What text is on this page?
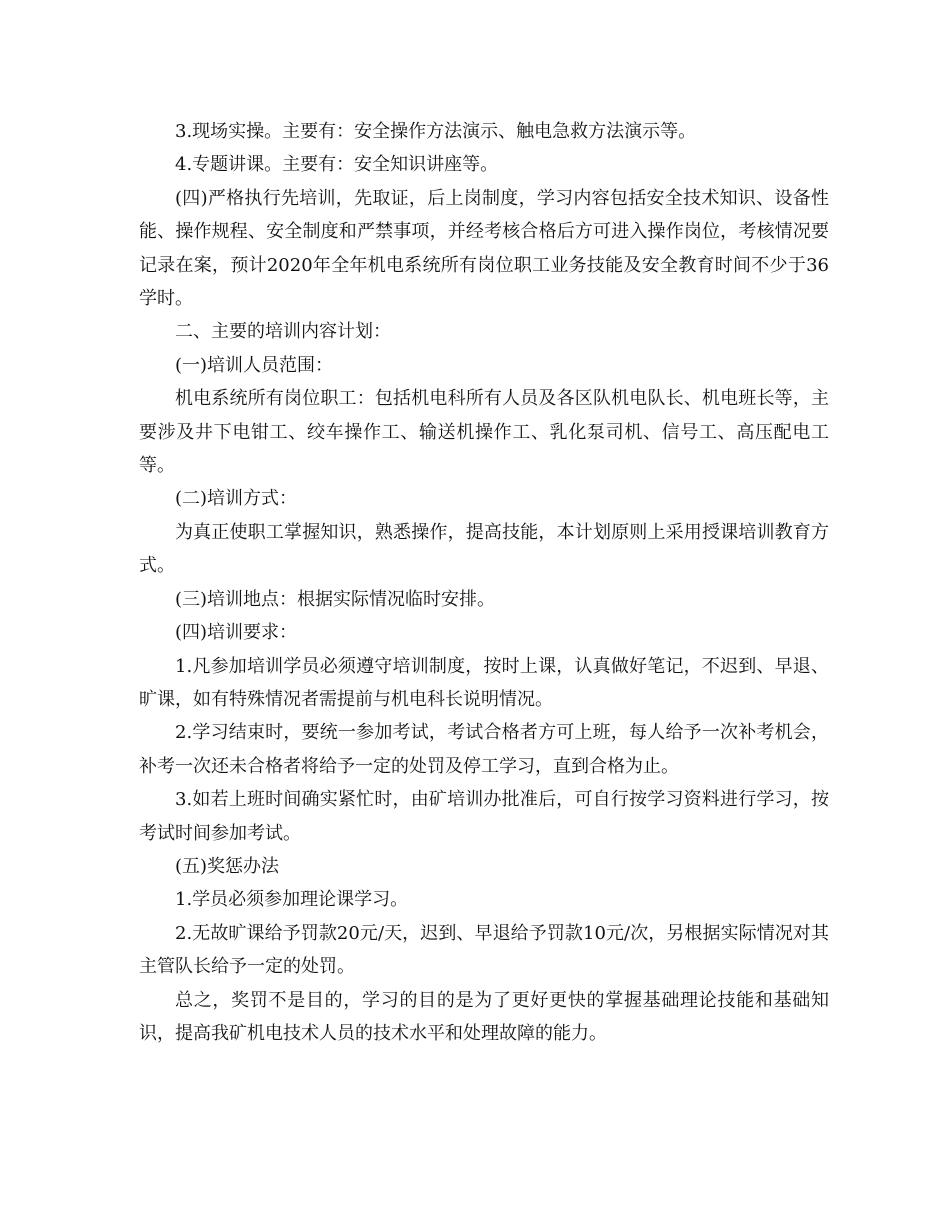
3.现场实操。主要有：安全操作方法演示、触电急救方法演示等。

4.专题讲课。主要有：安全知识讲座等。

(四)严格执行先培训，先取证，后上岗制度，学习内容包括安全技术知识、设备性能、操作规程、安全制度和严禁事项，并经考核合格后方可进入操作岗位，考核情况要记录在案，预计2020年全年机电系统所有岗位职工业务技能及安全教育时间不少于36学时。

二、主要的培训内容计划：

(一)培训人员范围：

机电系统所有岗位职工：包括机电科所有人员及各区队机电队长、机电班长等，主要涉及井下电钳工、绞车操作工、输送机操作工、乳化泵司机、信号工、高压配电工等。

(二)培训方式：

为真正使职工掌握知识，熟悉操作，提高技能，本计划原则上采用授课培训教育方式。

(三)培训地点：根据实际情况临时安排。

(四)培训要求：

1.凡参加培训学员必须遵守培训制度，按时上课，认真做好笔记，不迟到、早退、旷课，如有特殊情况者需提前与机电科长说明情况。

2.学习结束时，要统一参加考试，考试合格者方可上班，每人给予一次补考机会，补考一次还未合格者将给予一定的处罚及停工学习，直到合格为止。

3.如若上班时间确实紧忙时，由矿培训办批准后，可自行按学习资料进行学习，按考试时间参加考试。

(五)奖惩办法

1.学员必须参加理论课学习。

2.无故旷课给予罚款20元/天，迟到、早退给予罚款10元/次，另根据实际情况对其主管队长给予一定的处罚。

总之，奖罚不是目的，学习的目的是为了更好更快的掌握基础理论技能和基础知识，提高我矿机电技术人员的技术水平和处理故障的能力。
